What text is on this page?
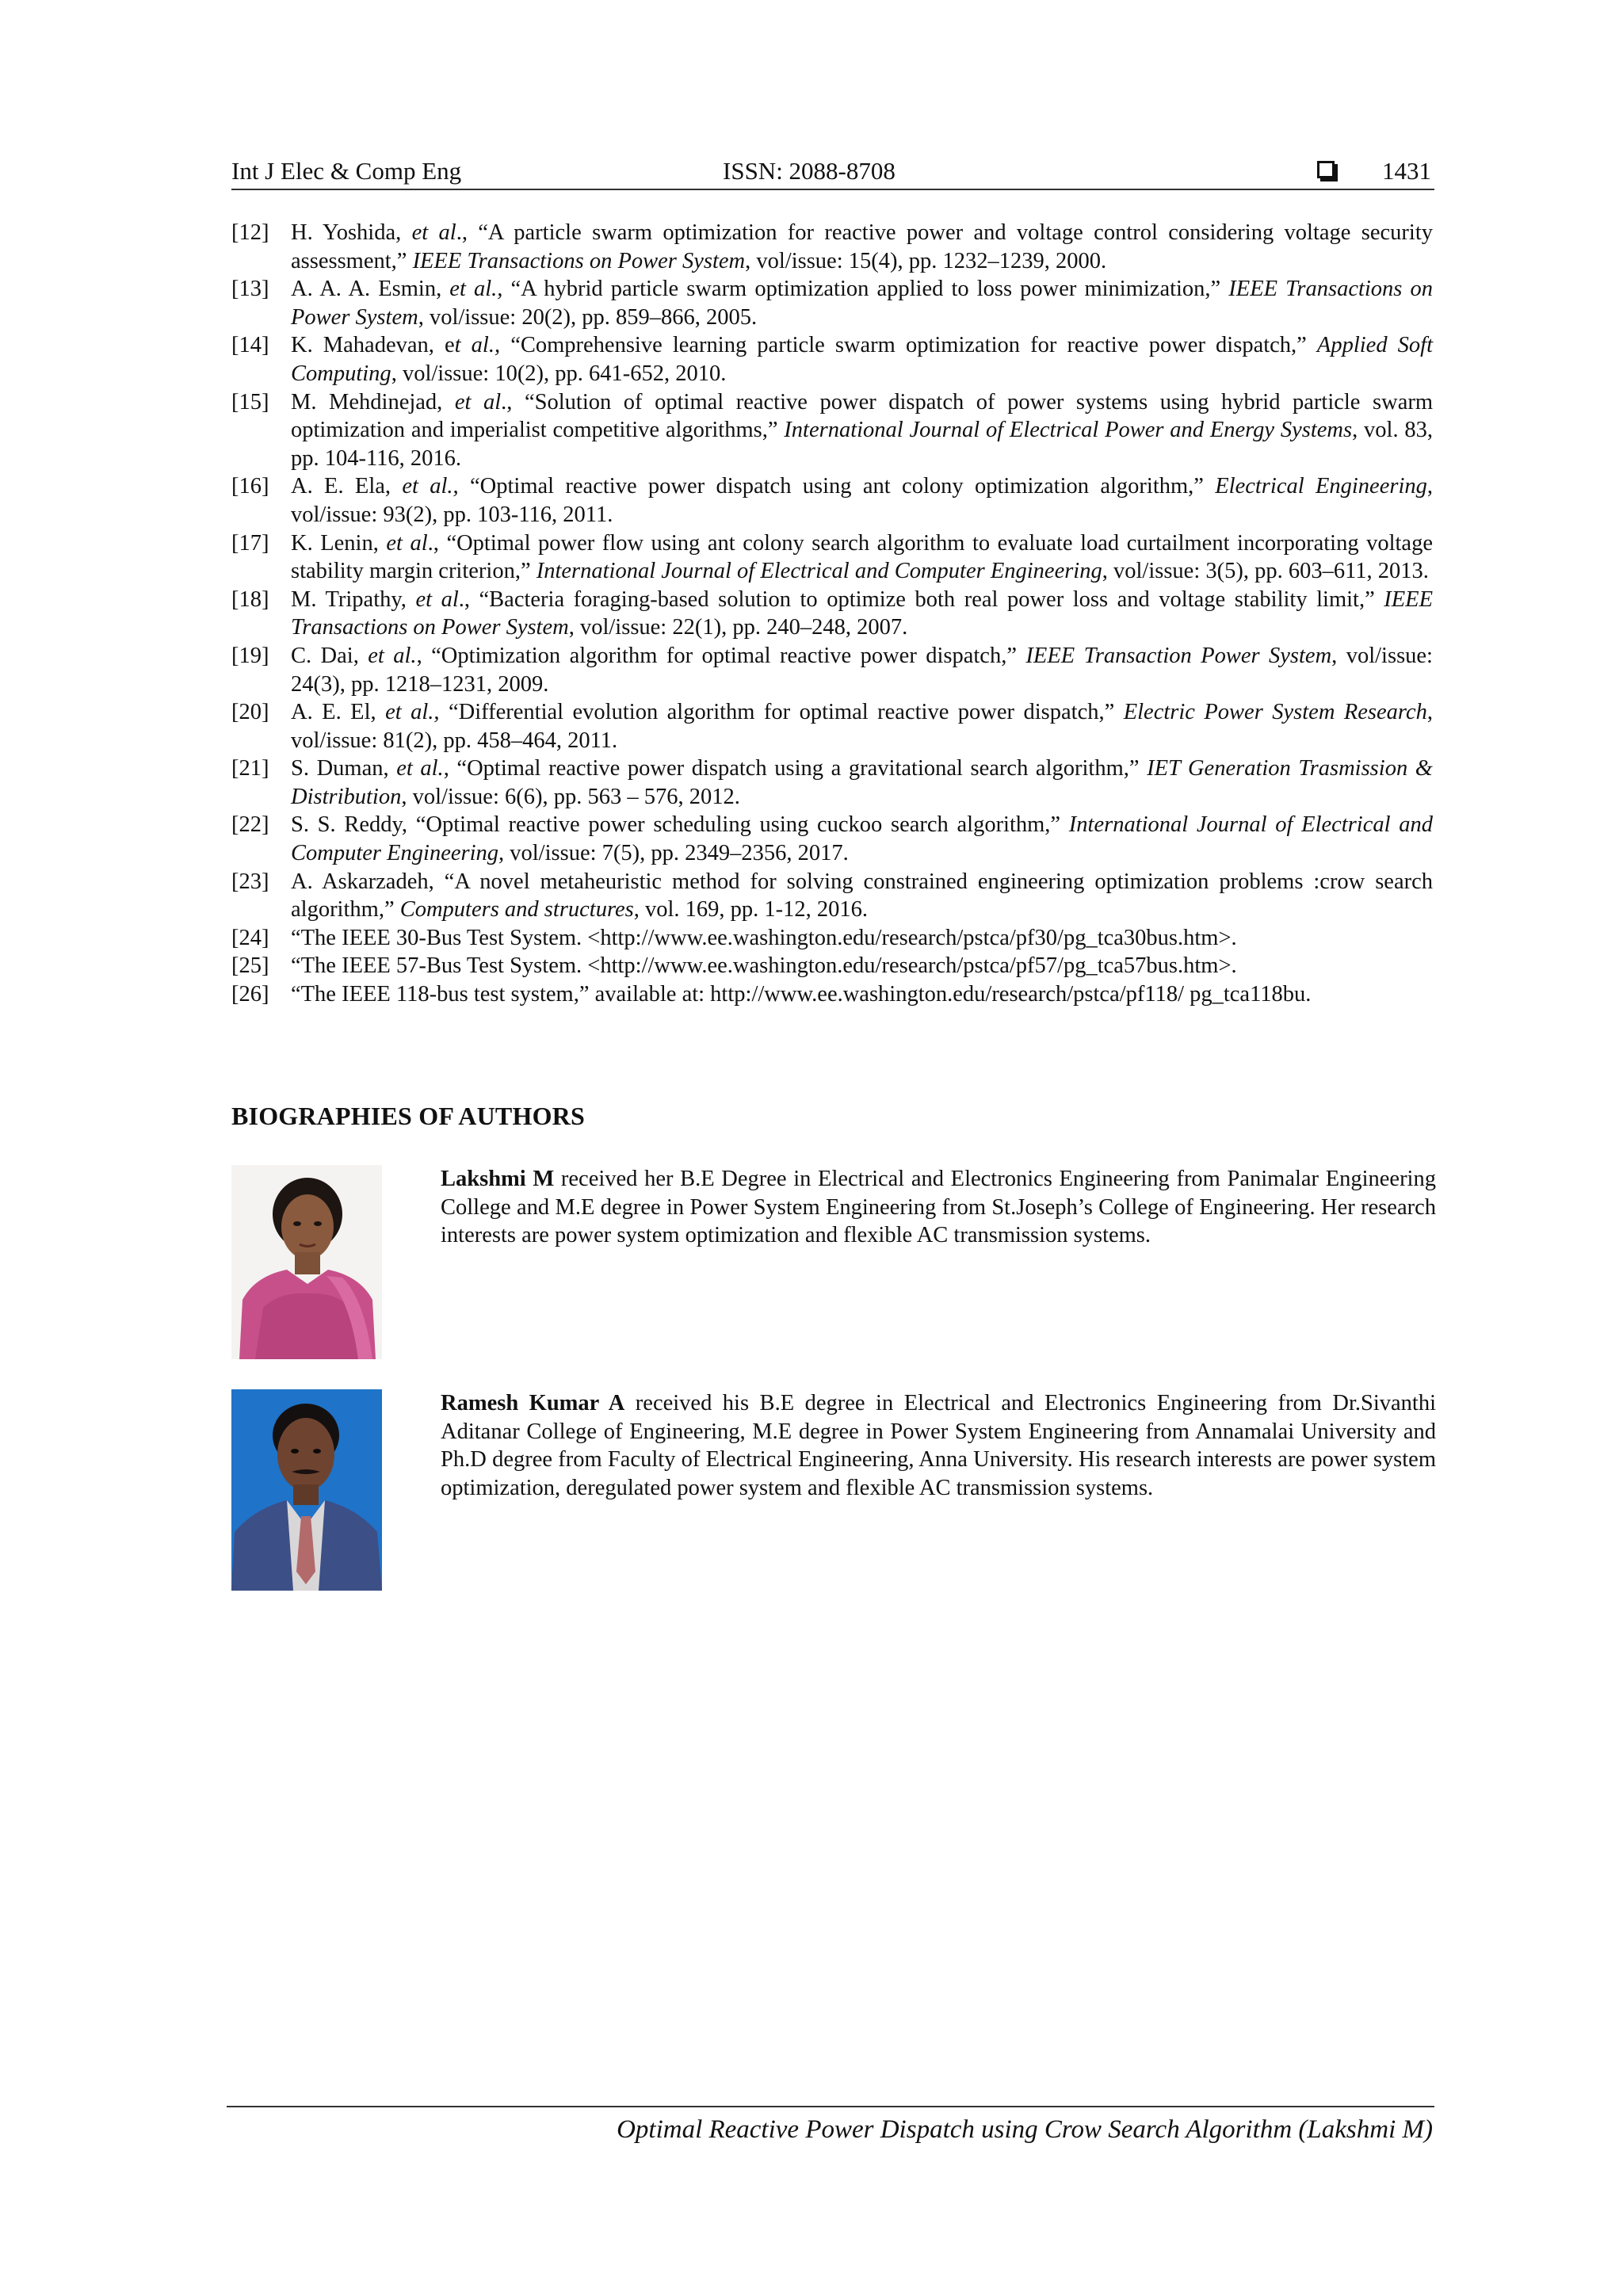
Int J Elec & Comp Eng	ISSN: 2088-8708	1431
[12] H. Yoshida, et al., “A particle swarm optimization for reactive power and voltage control considering voltage security assessment,” IEEE Transactions on Power System, vol/issue: 15(4), pp. 1232–1239, 2000.
[13] A. A. A. Esmin, et al., “A hybrid particle swarm optimization applied to loss power minimization,” IEEE Transactions on Power System, vol/issue: 20(2), pp. 859–866, 2005.
[14] K. Mahadevan, et al., “Comprehensive learning particle swarm optimization for reactive power dispatch,” Applied Soft Computing, vol/issue: 10(2), pp. 641-652, 2010.
[15] M. Mehdinejad, et al., “Solution of optimal reactive power dispatch of power systems using hybrid particle swarm optimization and imperialist competitive algorithms,” International Journal of Electrical Power and Energy Systems, vol. 83, pp. 104-116, 2016.
[16] A. E. Ela, et al., “Optimal reactive power dispatch using ant colony optimization algorithm,” Electrical Engineering, vol/issue: 93(2), pp. 103-116, 2011.
[17] K. Lenin, et al., “Optimal power flow using ant colony search algorithm to evaluate load curtailment incorporating voltage stability margin criterion,” International Journal of Electrical and Computer Engineering, vol/issue: 3(5), pp. 603–611, 2013.
[18] M. Tripathy, et al., “Bacteria foraging-based solution to optimize both real power loss and voltage stability limit,” IEEE Transactions on Power System, vol/issue: 22(1), pp. 240–248, 2007.
[19] C. Dai, et al., “Optimization algorithm for optimal reactive power dispatch,” IEEE Transaction Power System, vol/issue: 24(3), pp. 1218–1231, 2009.
[20] A. E. El, et al., “Differential evolution algorithm for optimal reactive power dispatch,” Electric Power System Research, vol/issue: 81(2), pp. 458–464, 2011.
[21] S. Duman, et al., “Optimal reactive power dispatch using a gravitational search algorithm,” IET Generation Trasmission & Distribution, vol/issue: 6(6), pp. 563 – 576, 2012.
[22] S. S. Reddy, “Optimal reactive power scheduling using cuckoo search algorithm,” International Journal of Electrical and Computer Engineering, vol/issue: 7(5), pp. 2349–2356, 2017.
[23] A. Askarzadeh, “A novel metaheuristic method for solving constrained engineering optimization problems :crow search algorithm,” Computers and structures, vol. 169, pp. 1-12, 2016.
[24] “The IEEE 30-Bus Test System. <http://www.ee.washington.edu/research/pstca/pf30/pg_tca30bus.htm>.
[25] “The IEEE 57-Bus Test System. <http://www.ee.washington.edu/research/pstca/pf57/pg_tca57bus.htm>.
[26] “The IEEE 118-bus test system,” available at: http://www.ee.washington.edu/research/pstca/pf118/ pg_tca118bu.
BIOGRAPHIES OF AUTHORS
Lakshmi M received her B.E Degree in Electrical and Electronics Engineering from Panimalar Engineering College and M.E degree in Power System Engineering from St.Joseph’s College of Engineering. Her research interests are power system optimization and flexible AC transmission systems.
Ramesh Kumar A received his B.E degree in Electrical and Electronics Engineering from Dr.Sivanthi Aditanar College of Engineering, M.E degree in Power System Engineering from Annamalai University and Ph.D degree from Faculty of Electrical Engineering, Anna University. His research interests are power system optimization, deregulated power system and flexible AC transmission systems.
Optimal Reactive Power Dispatch using Crow Search Algorithm (Lakshmi M)
